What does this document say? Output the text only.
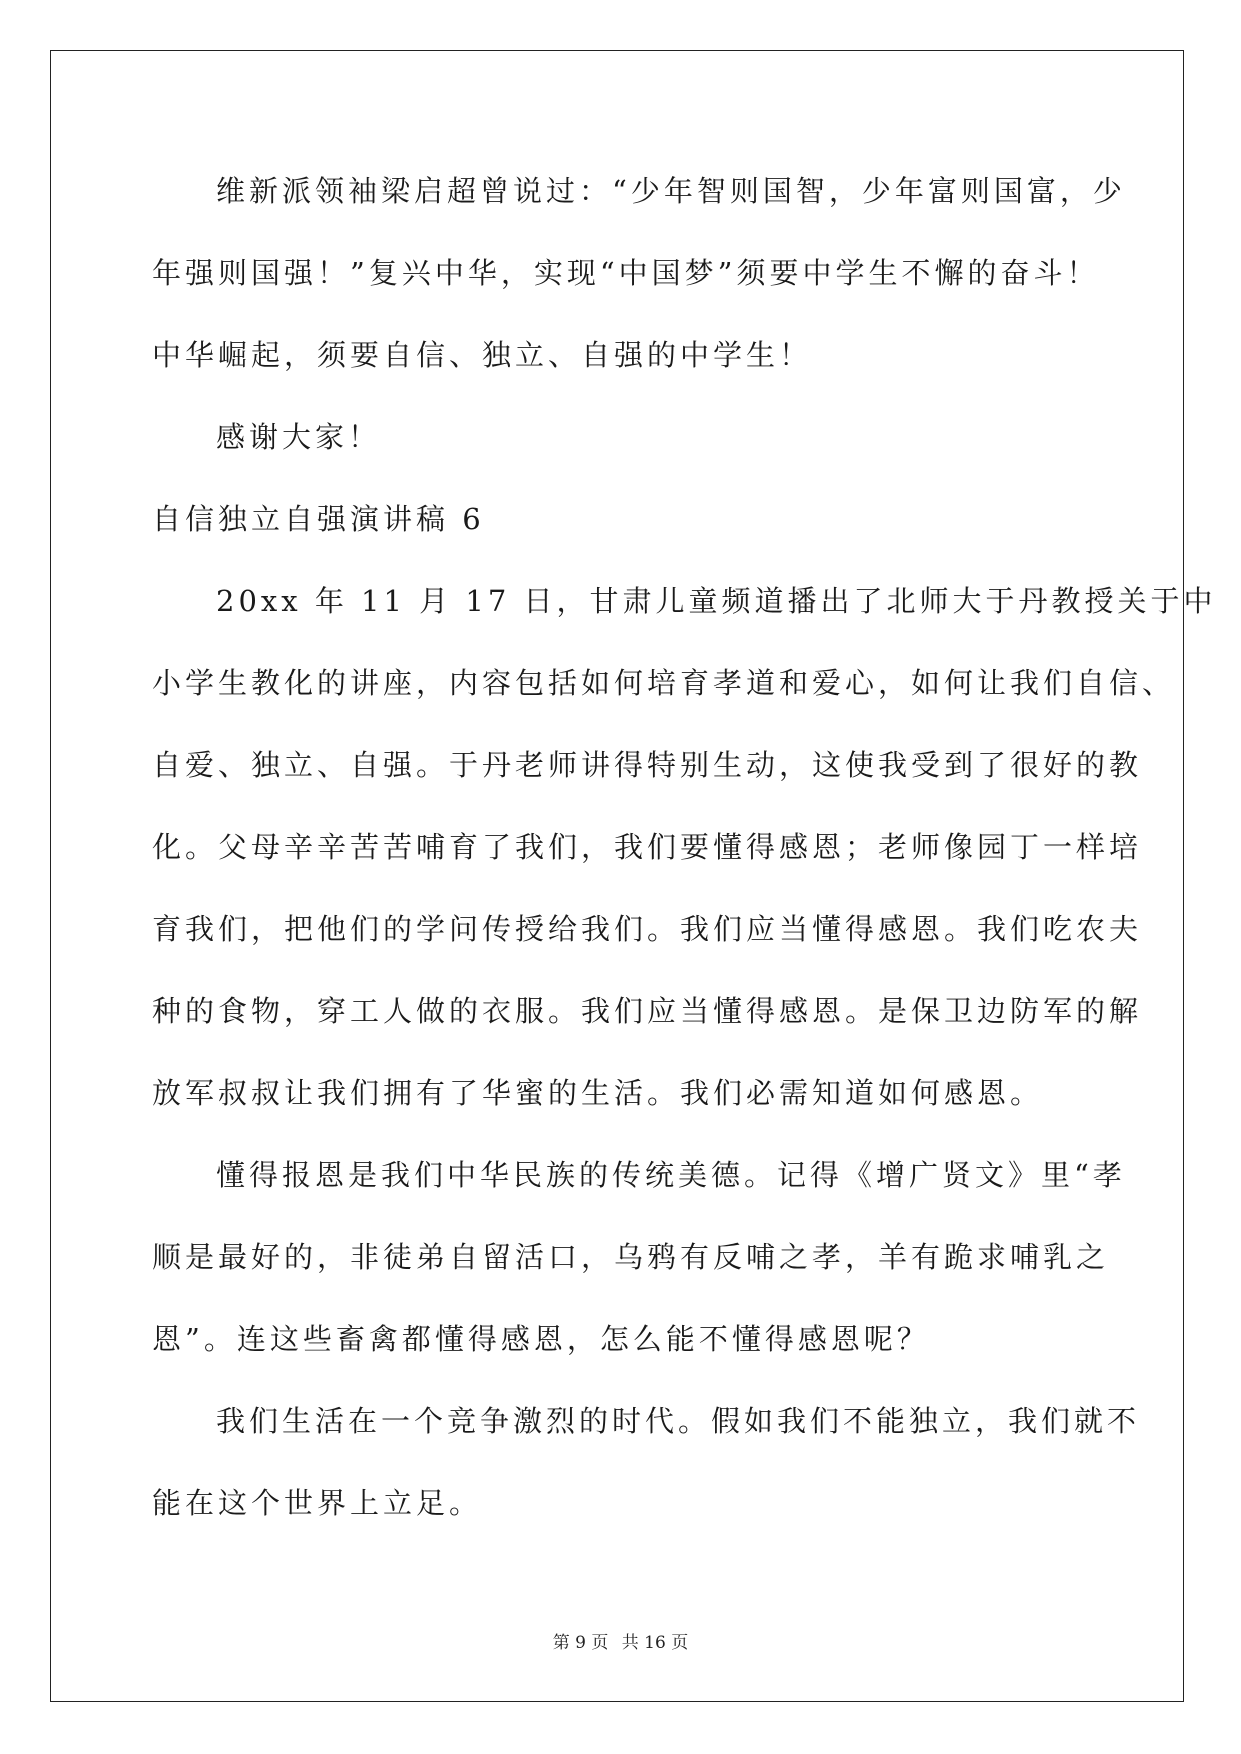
维新派领袖梁启超曾说过：“少年智则国智，少年富则国富，少
年强则国强！”复兴中华，实现“中国梦”须要中学生不懈的奋斗！
中华崛起，须要自信、独立、自强的中学生！
感谢大家！
自信独立自强演讲稿 6
20xx 年 11 月 17 日，甘肃儿童频道播出了北师大于丹教授关于中
小学生教化的讲座，内容包括如何培育孝道和爱心，如何让我们自信、
自爱、独立、自强。于丹老师讲得特别生动，这使我受到了很好的教
化。父母辛辛苦苦哺育了我们，我们要懂得感恩；老师像园丁一样培
育我们，把他们的学问传授给我们。我们应当懂得感恩。我们吃农夫
种的食物，穿工人做的衣服。我们应当懂得感恩。是保卫边防军的解
放军叔叔让我们拥有了华蜜的生活。我们必需知道如何感恩。
懂得报恩是我们中华民族的传统美德。记得《增广贤文》里“孝
顺是最好的，非徒弟自留活口，乌鸦有反哺之孝，羊有跪求哺乳之
恩”。连这些畜禽都懂得感恩，怎么能不懂得感恩呢？
我们生活在一个竞争激烈的时代。假如我们不能独立，我们就不
能在这个世界上立足。
第 9 页 共 16 页
